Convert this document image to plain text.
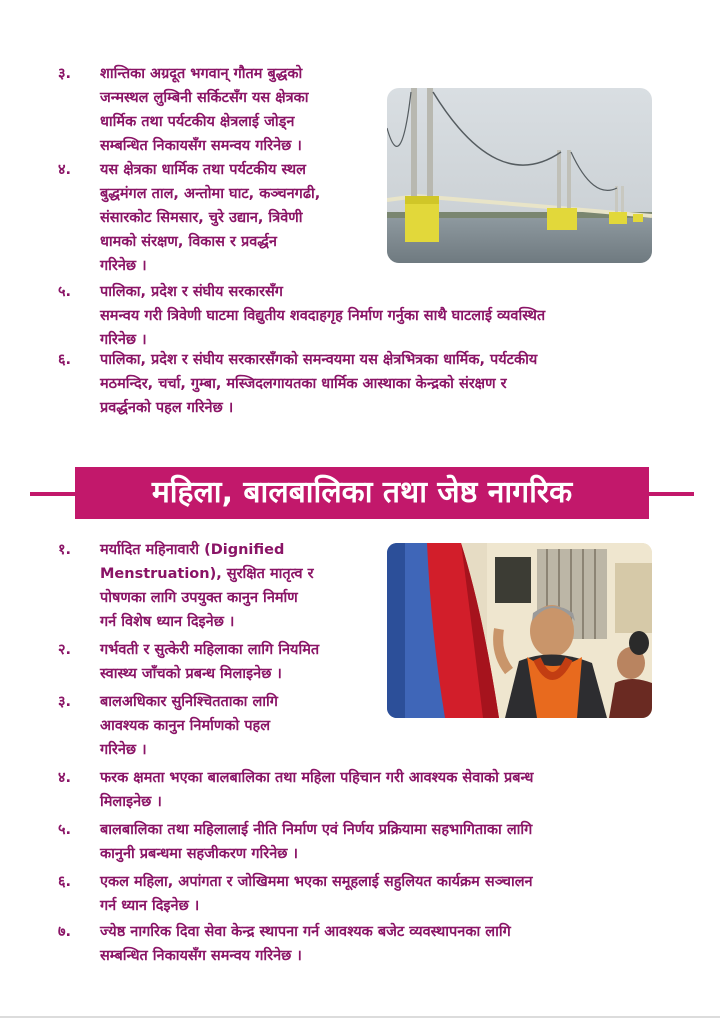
३.	शान्तिका अग्रदूत भगवान् गौतम बुद्धको
जन्मस्थल लुम्बिनी सर्किटसँग यस क्षेत्रका
धार्मिक तथा पर्यटकीय क्षेत्रलाई जोड्न
सम्बन्धित निकायसँग समन्वय गरिनेछ ।
४.	यस क्षेत्रका धार्मिक तथा पर्यटकीय स्थल
बुद्धमंगल ताल, अन्तोमा घाट, कञ्चनगढी,
संसारकोट सिमसार, चुरे उद्यान, त्रिवेणी
धामको संरक्षण, विकास र प्रवर्द्धन
गरिनेछ ।
५.	पालिका, प्रदेश र संघीय सरकारसँग
समन्वय गरी त्रिवेणी घाटमा विद्युतीय शवदाहगृह निर्माण गर्नुका साथै घाटलाई व्यवस्थित
गरिनेछ ।
६.	पालिका, प्रदेश र संघीय सरकारसँगको समन्वयमा यस क्षेत्रभित्रका धार्मिक, पर्यटकीय
मठमन्दिर, चर्चा, गुम्बा, मस्जिदलगायतका धार्मिक आस्थाका केन्द्रको संरक्षण र
प्रवर्द्धनको पहल गरिनेछ ।
महिला, बालबालिका तथा जेष्ठ नागरिक
१.	मर्यादित महिनावारी (Dignified
Menstruation), सुरक्षित मातृत्व र
पोषणका लागि उपयुक्त कानुन निर्माण
गर्न विशेष ध्यान दिइनेछ ।
२.	गर्भवती र सुत्केरी महिलाका लागि नियमित
स्वास्थ्य जाँचको प्रबन्ध मिलाइनेछ ।
३.	बालअधिकार सुनिश्चितताका लागि
आवश्यक कानुन निर्माणको पहल
गरिनेछ ।
४.	फरक क्षमता भएका बालबालिका तथा महिला पहिचान गरी आवश्यक सेवाको प्रबन्ध
मिलाइनेछ ।
५.	बालबालिका तथा महिलालाई नीति निर्माण एवं निर्णय प्रक्रियामा सहभागिताका लागि
कानुनी प्रबन्धमा सहजीकरण गरिनेछ ।
६.	एकल महिला, अपांगता र जोखिममा भएका समूहलाई सहुलियत कार्यक्रम सञ्चालन
गर्न ध्यान दिइनेछ ।
७.	ज्येष्ठ नागरिक दिवा सेवा केन्द्र स्थापना गर्न आवश्यक बजेट व्यवस्थापनका लागि
सम्बन्धित निकायसँग समन्वय गरिनेछ ।
